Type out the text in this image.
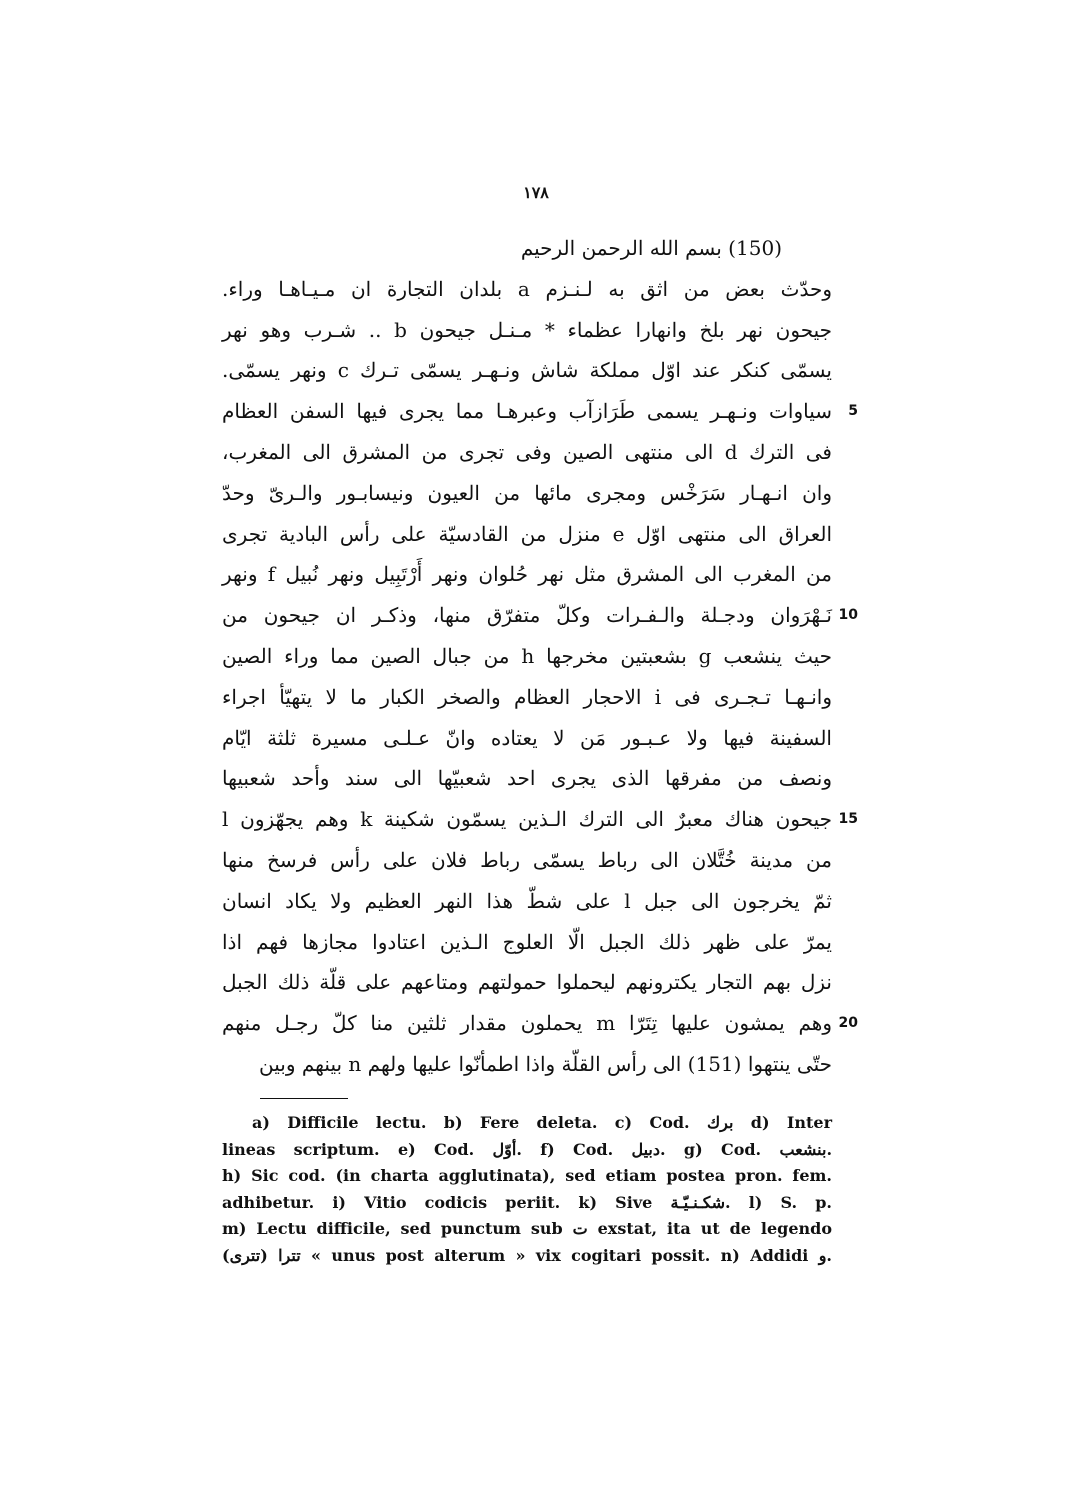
١٧٨
(150) بسم الله الرحمن الرحيم
وحدّث بعض من اثق به لـنـزم a بلدان التجارة ان مـيـاهـا وراء.
جيحون نهر بلخ وانهارا عظماء * مـنـل جيحون b .. شـرب وهو نهر
يسمّى كنكر عند اوّل مملكة شاش ونـهـر يسمّى تـرك c ونهر يسمّى.
سياوات ونـهـر يسمى طَرَازآب وعبرهـا مما يجرى فيها السفن العظام 5
فى الترك d الى منتهى الصين وفى تجرى من المشرق الى المغرب،
وان انـهـار سَرَخْس ومجرى مائها من العيون ونيسابـور والـرىّ وحدّ
العراق الى منتهى اوّل e منزل من القادسيّة على رأس البادية تجرى
من المغرب الى المشرق مثل نهر حُلوان ونهر أَرْتَبِيل ونهر نُبيل f ونهر
نَـهْرَوان ودجـلة والـفـرات وكلّ متفرّق منها، وذكـر ان جيحون من 10
حيث ينشعب g بشعبتين مخرجها h من جبال الصين مما وراء الصين
وانـهـا تـجـرى فى i الاحجار العظام والصخر الكبار ما لا يتهيّأ اجراء
السفينة فيها ولا عـبـور مَن لا يعتاده وانّ عـلـى مسيرة ثلثة ايّام
ونصف من مفرقها الذى يجرى احد شعبيّها الى سند وأحد شعبيها
جيحون هناك معبرٌ الى الترك الـذين يسمّون شكينة k وهم يجهّزون l 15
من مدينة خُتَّلان الى رباط يسمّى رباط فلان على رأس فرسخ منها
ثمّ يخرجون الى جبل l على شطّ هذا النهر العظيم ولا يكاد انسان
يمرّ على ظهر ذلك الجبل الّا العلوج الـذين اعتادوا مجازها فهم اذا
نزل بهم التجار يكترونهم ليحملوا حمولتهم ومتاعهم على قلّة ذلك الجبل
وهم يمشون عليها تِتَرّا m يحملون مقدار ثلثين منا كلّ رجـل منهم 20
حتّى ينتهوا (151) الى رأس القلّة واذا اطمأنّوا عليها ولهم n بينهم وبين
a) Difficile lectu. b) Fere deleta. c) Cod. برك d) Inter
lineas scriptum. e) Cod. أوّل. f) Cod. دبيل. g) Cod. بنشعب.
h) Sic cod. (in charta agglutinata), sed etiam postea pron. fem.
adhibetur. i) Vitio codicis periit. k) Sive شكـنـيّـة. l) S. p.
m) Lectu difficile, sed punctum sub ت exstat, ita ut de legendo
تترا (تترى) « unus post alterum » vix cogitari possit. n) Addidi و.
